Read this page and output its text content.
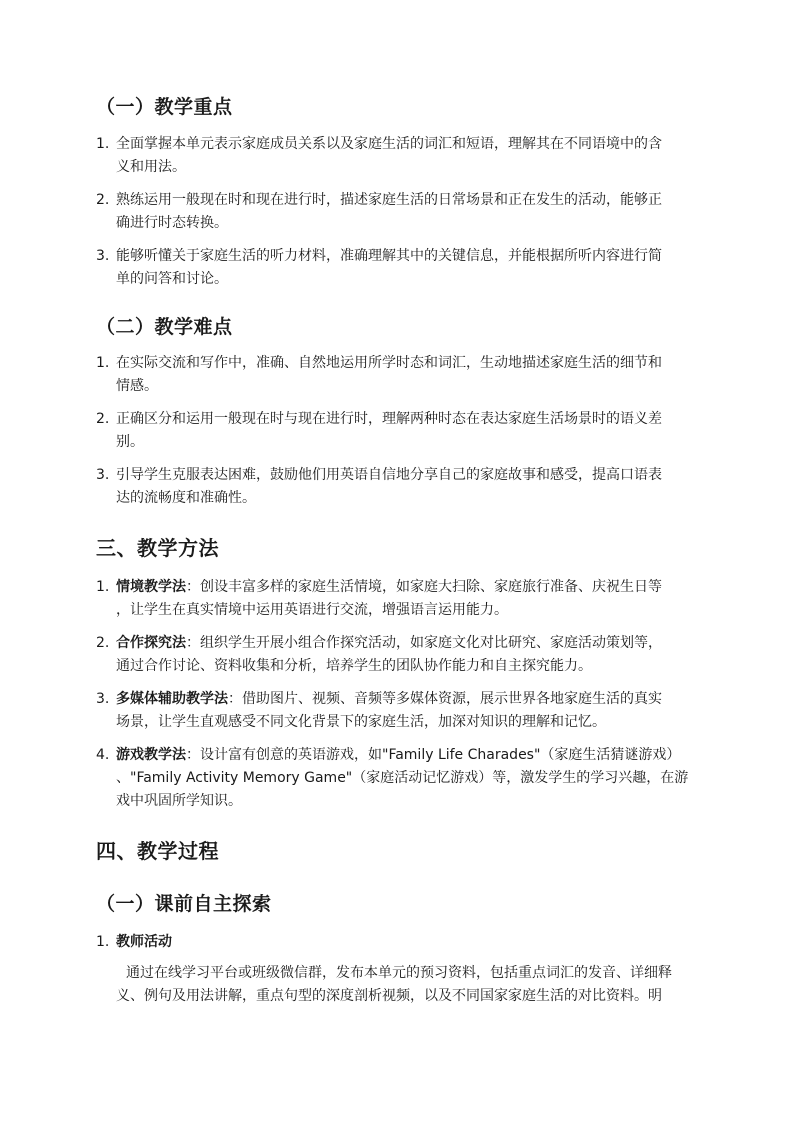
（一）教学重点
1. 全面掌握本单元表示家庭成员关系以及家庭生活的词汇和短语，理解其在不同语境中的含
义和用法。
2. 熟练运用一般现在时和现在进行时，描述家庭生活的日常场景和正在发生的活动，能够正
确进行时态转换。
3. 能够听懂关于家庭生活的听力材料，准确理解其中的关键信息，并能根据所听内容进行简
单的问答和讨论。
（二）教学难点
1. 在实际交流和写作中，准确、自然地运用所学时态和词汇，生动地描述家庭生活的细节和
情感。
2. 正确区分和运用一般现在时与现在进行时，理解两种时态在表达家庭生活场景时的语义差
别。
3. 引导学生克服表达困难，鼓励他们用英语自信地分享自己的家庭故事和感受，提高口语表
达的流畅度和准确性。
三、教学方法
1. 情境教学法：创设丰富多样的家庭生活情境，如家庭大扫除、家庭旅行准备、庆祝生日等
，让学生在真实情境中运用英语进行交流，增强语言运用能力。
2. 合作探究法：组织学生开展小组合作探究活动，如家庭文化对比研究、家庭活动策划等，
通过合作讨论、资料收集和分析，培养学生的团队协作能力和自主探究能力。
3. 多媒体辅助教学法：借助图片、视频、音频等多媒体资源，展示世界各地家庭生活的真实
场景，让学生直观感受不同文化背景下的家庭生活，加深对知识的理解和记忆。
4. 游戏教学法：设计富有创意的英语游戏，如"Family Life Charades"（家庭生活猜谜游戏）
、"Family Activity Memory Game"（家庭活动记忆游戏）等，激发学生的学习兴趣，在游
戏中巩固所学知识。
四、教学过程
（一）课前自主探索
1. 教师活动
通过在线学习平台或班级微信群，发布本单元的预习资料，包括重点词汇的发音、详细释
义、例句及用法讲解，重点句型的深度剖析视频，以及不同国家家庭生活的对比资料。明
